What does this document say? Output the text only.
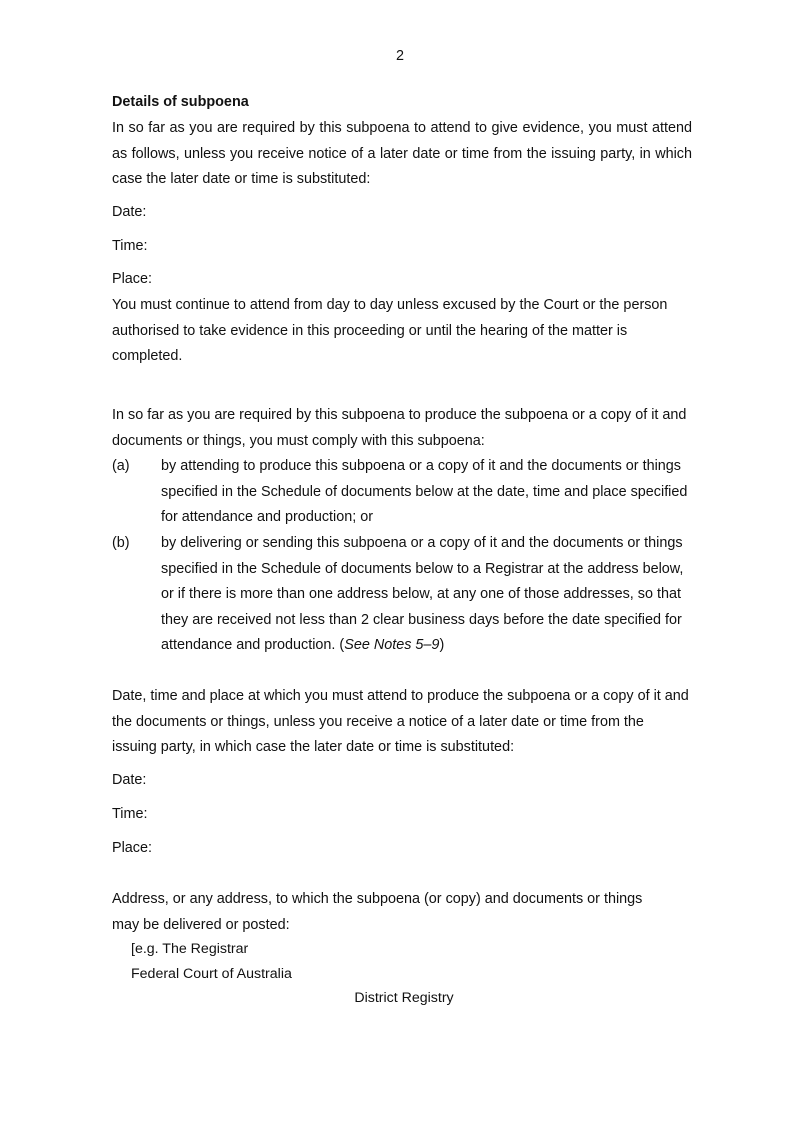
2
Details of subpoena
In so far as you are required by this subpoena to attend to give evidence, you must attend as follows, unless you receive notice of a later date or time from the issuing party, in which case the later date or time is substituted:
Date:
Time:
Place:
You must continue to attend from day to day unless excused by the Court or the person authorised to take evidence in this proceeding or until the hearing of the matter is completed.
In so far as you are required by this subpoena to produce the subpoena or a copy of it and documents or things, you must comply with this subpoena:
(a) by attending to produce this subpoena or a copy of it and the documents or things specified in the Schedule of documents below at the date, time and place specified for attendance and production; or
(b) by delivering or sending this subpoena or a copy of it and the documents or things specified in the Schedule of documents below to a Registrar at the address below, or if there is more than one address below, at any one of those addresses, so that they are received not less than 2 clear business days before the date specified for attendance and production. (See Notes 5–9)
Date, time and place at which you must attend to produce the subpoena or a copy of it and the documents or things, unless you receive a notice of a later date or time from the issuing party, in which case the later date or time is substituted:
Date:
Time:
Place:
Address, or any address, to which the subpoena (or copy) and documents or things may be delivered or posted:
[e.g. The Registrar
Federal Court of Australia
District Registry
